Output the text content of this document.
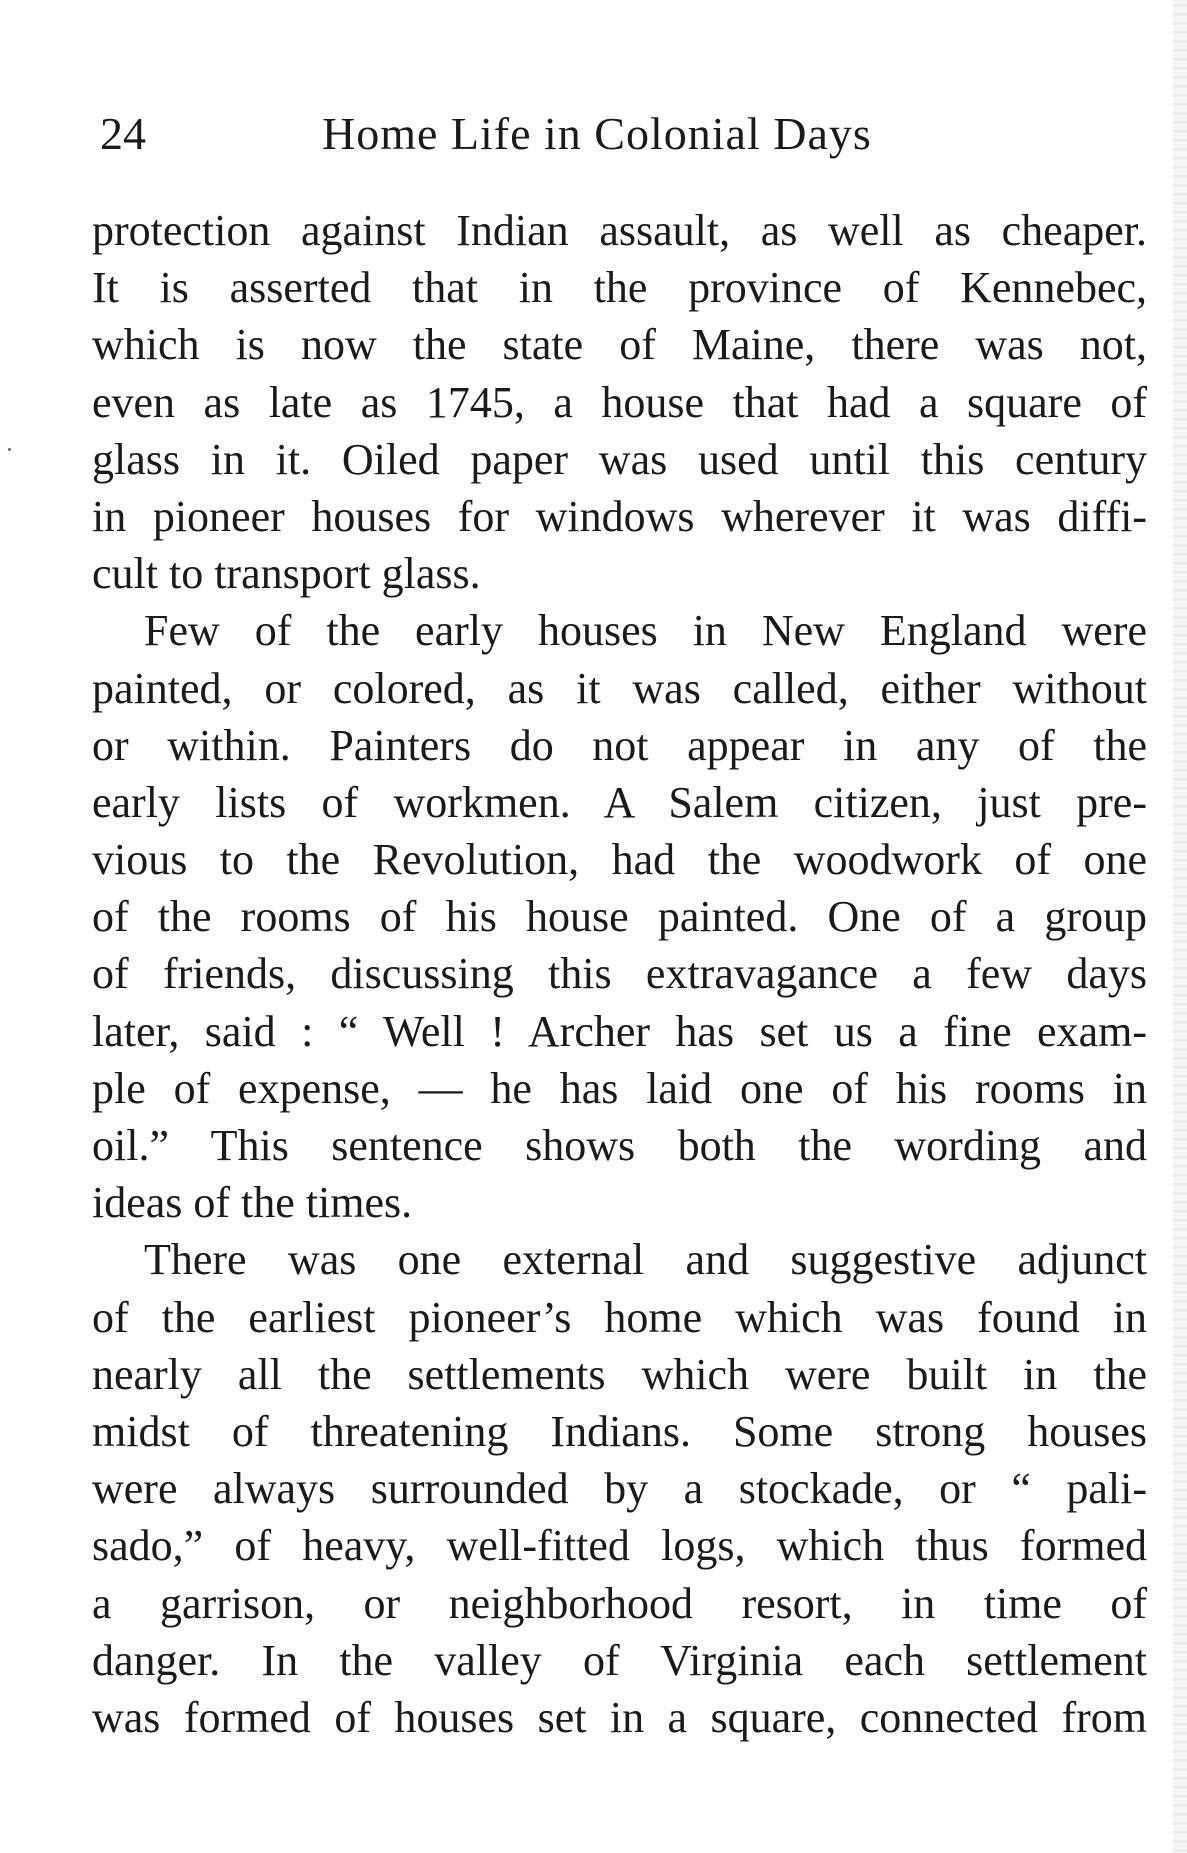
24	Home Life in Colonial Days
protection against Indian assault, as well as cheaper.
It is asserted that in the province of Kennebec,
which is now the state of Maine, there was not,
even as late as 1745, a house that had a square of
glass in it. Oiled paper was used until this century
in pioneer houses for windows wherever it was diffi-
cult to transport glass.
Few of the early houses in New England were
painted, or colored, as it was called, either without
or within. Painters do not appear in any of the
early lists of workmen. A Salem citizen, just pre-
vious to the Revolution, had the woodwork of one
of the rooms of his house painted. One of a group
of friends, discussing this extravagance a few days
later, said : “ Well ! Archer has set us a fine exam-
ple of expense, — he has laid one of his rooms in
oil.” This sentence shows both the wording and
ideas of the times.
There was one external and suggestive adjunct
of the earliest pioneer’s home which was found in
nearly all the settlements which were built in the
midst of threatening Indians. Some strong houses
were always surrounded by a stockade, or “ pali-
sado,” of heavy, well-fitted logs, which thus formed
a garrison, or neighborhood resort, in time of
danger. In the valley of Virginia each settlement
was formed of houses set in a square, connected from
